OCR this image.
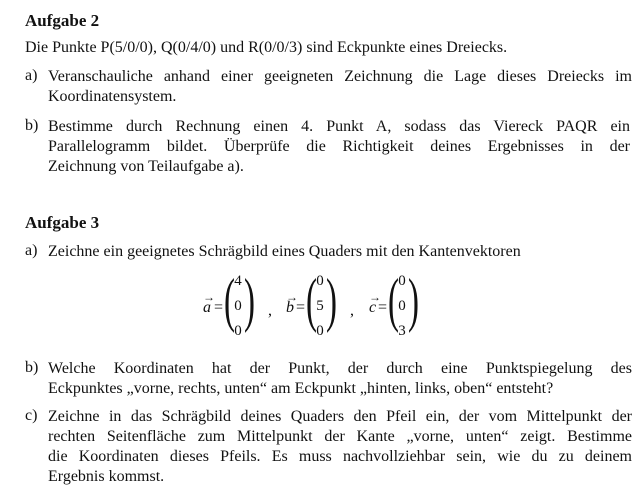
Aufgabe 2
Die Punkte P(5/0/0), Q(0/4/0) und R(0/0/3) sind Eckpunkte eines Dreiecks.
a) Veranschauliche anhand einer geeigneten Zeichnung die Lage dieses Dreiecks im
Koordinatensystem.
b) Bestimme durch Rechnung einen 4. Punkt A, sodass das Viereck PAQR ein
Parallelogramm bildet. Überprüfe die Richtigkeit deines Ergebnisses in der
Zeichnung von Teilaufgabe a).
Aufgabe 3
a) Zeichne ein geeignetes Schrägbild eines Quaders mit den Kantenvektoren
→
a = ( 4
0
0 ) ,
→
b = ( 0
5
0 ) ,
→
c = ( 0
0
3 )
b) Welche Koordinaten hat der Punkt, der durch eine Punktspiegelung des
Eckpunktes „vorne, rechts, unten“ am Eckpunkt „hinten, links, oben“ entsteht?
c) Zeichne in das Schrägbild deines Quaders den Pfeil ein, der vom Mittelpunkt der
rechten Seitenfläche zum Mittelpunkt der Kante „vorne, unten“ zeigt. Bestimme
die Koordinaten dieses Pfeils. Es muss nachvollziehbar sein, wie du zu deinem
Ergebnis kommst.
